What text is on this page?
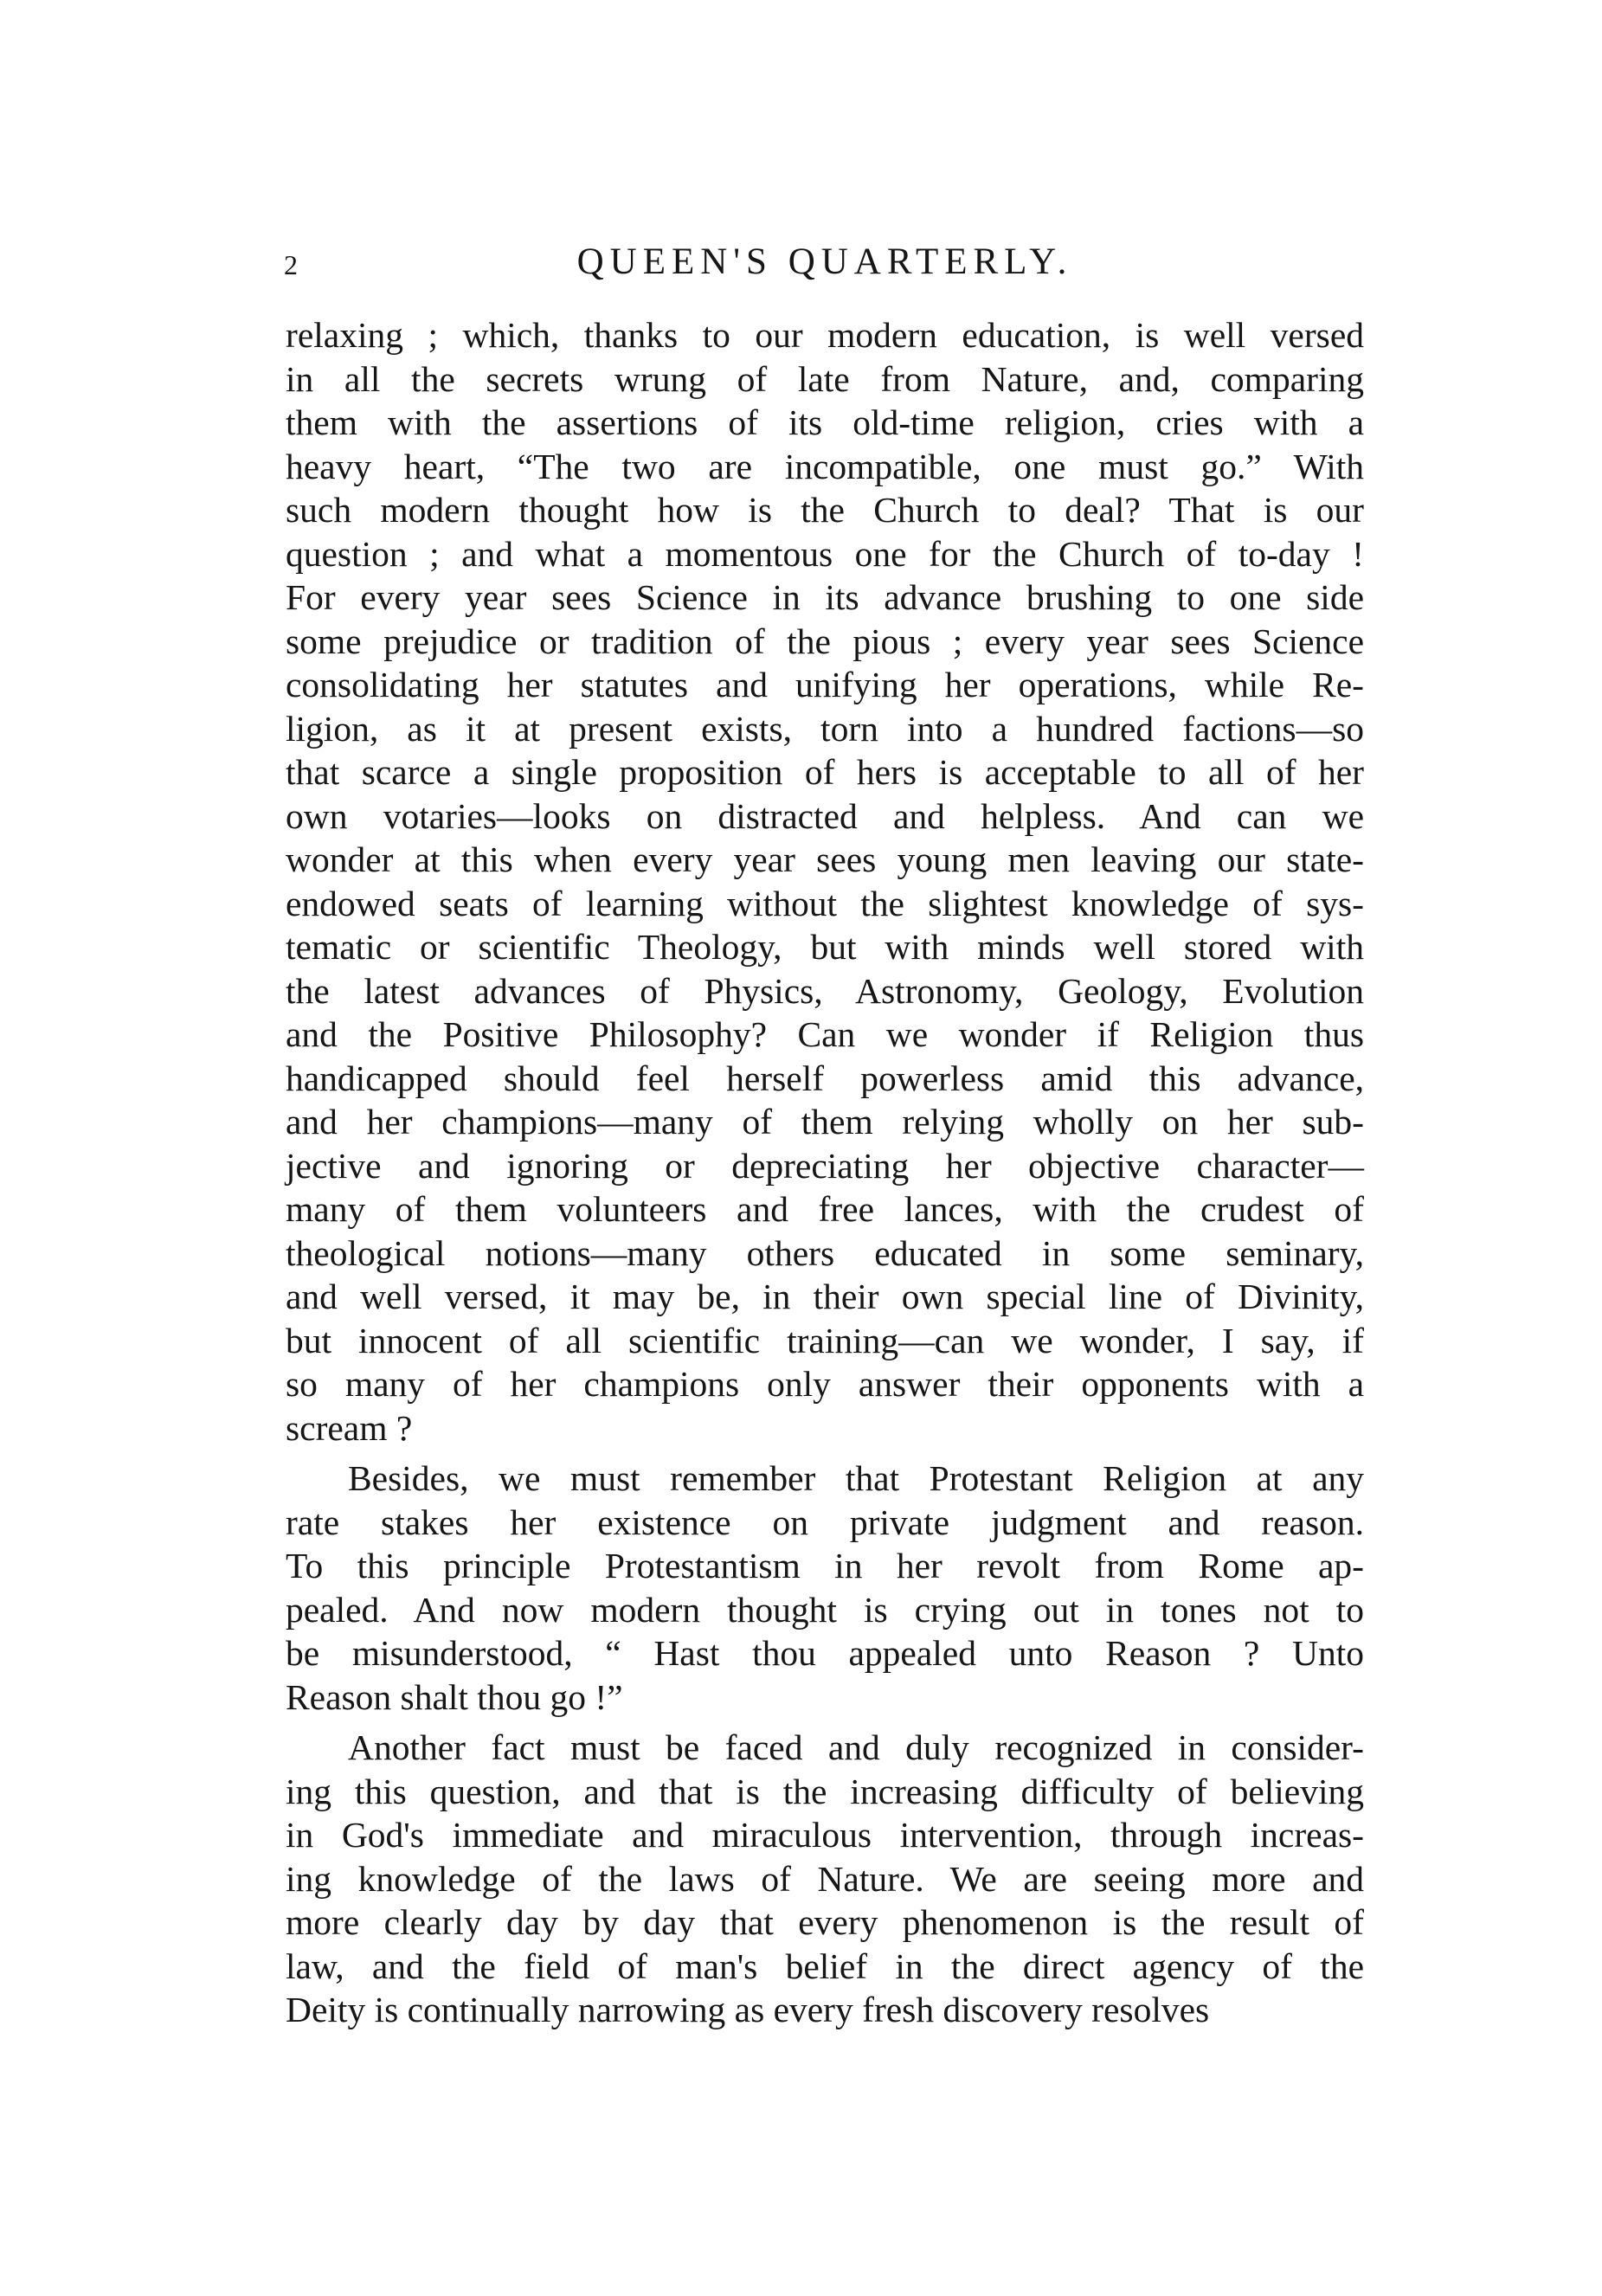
2	QUEEN'S QUARTERLY.
relaxing ; which, thanks to our modern education, is well versed
in all the secrets wrung of late from Nature, and, comparing
them with the assertions of its old-time religion, cries with a
heavy heart, “The two are incompatible, one must go.” With
such modern thought how is the Church to deal? That is our
question ; and what a momentous one for the Church of to-day !
For every year sees Science in its advance brushing to one side
some prejudice or tradition of the pious ; every year sees Science
consolidating her statutes and unifying her operations, while Re-
ligion, as it at present exists, torn into a hundred factions—so
that scarce a single proposition of hers is acceptable to all of her
own votaries—looks on distracted and helpless. And can we
wonder at this when every year sees young men leaving our state-
endowed seats of learning without the slightest knowledge of sys-
tematic or scientific Theology, but with minds well stored with
the latest advances of Physics, Astronomy, Geology, Evolution
and the Positive Philosophy? Can we wonder if Religion thus
handicapped should feel herself powerless amid this advance,
and her champions—many of them relying wholly on her sub-
jective and ignoring or depreciating her objective character—
many of them volunteers and free lances, with the crudest of
theological notions—many others educated in some seminary,
and well versed, it may be, in their own special line of Divinity,
but innocent of all scientific training—can we wonder, I say, if
so many of her champions only answer their opponents with a
scream ?
Besides, we must remember that Protestant Religion at any
rate stakes her existence on private judgment and reason.
To this principle Protestantism in her revolt from Rome ap-
pealed. And now modern thought is crying out in tones not to
be misunderstood, “ Hast thou appealed unto Reason ? Unto
Reason shalt thou go !”
Another fact must be faced and duly recognized in consider-
ing this question, and that is the increasing difficulty of believing
in God's immediate and miraculous intervention, through increas-
ing knowledge of the laws of Nature. We are seeing more and
more clearly day by day that every phenomenon is the result of
law, and the field of man's belief in the direct agency of the
Deity is continually narrowing as every fresh discovery resolves
